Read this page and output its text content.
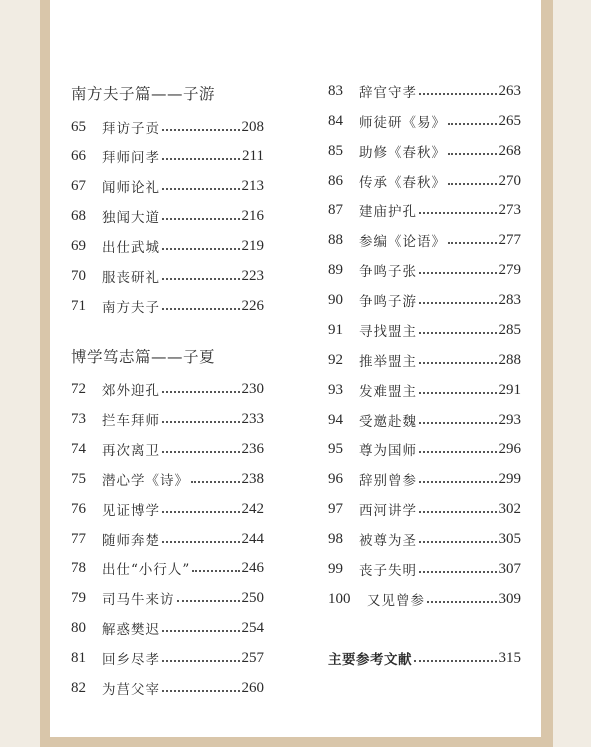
南方夫子篇——子游
65	拜访子贡	208
66	拜师问孝	211
67	闻师论礼	213
68	独闻大道	216
69	出仕武城	219
70	服丧研礼	223
71	南方夫子	226
博学笃志篇——子夏
72	郊外迎孔	230
73	拦车拜师	233
74	再次离卫	236
75	潜心学《诗》	238
76	见证博学	242
77	随师奔楚	244
78	出仕“小行人”	246
79	司马牛来访	250
80	解惑樊迟	254
81	回乡尽孝	257
82	为莒父宰	260
83	辞官守孝	263
84	师徒研《易》	265
85	助修《春秋》	268
86	传承《春秋》	270
87	建庙护孔	273
88	参编《论语》	277
89	争鸣子张	279
90	争鸣子游	283
91	寻找盟主	285
92	推举盟主	288
93	发难盟主	291
94	受邀赴魏	293
95	尊为国师	296
96	辞别曾参	299
97	西河讲学	302
98	被尊为圣	305
99	丧子失明	307
100	又见曾参	309
主要参考文献	315
